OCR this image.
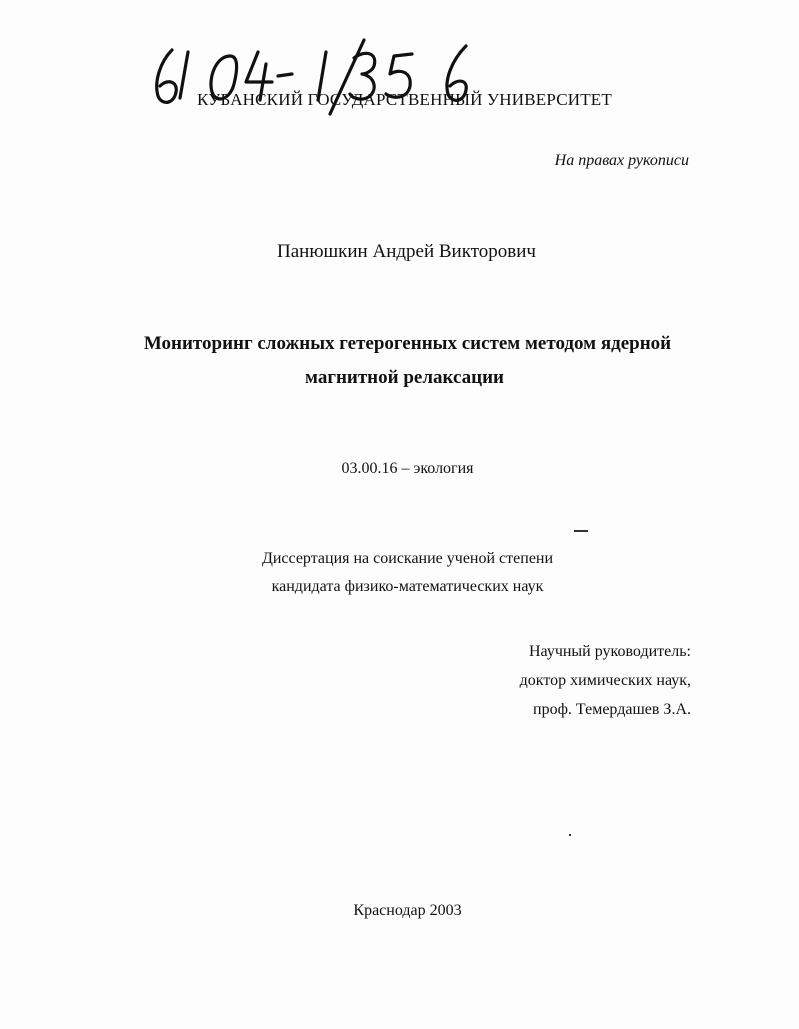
КУБАНСКИЙ ГОСУДАРСТВЕННЫЙ УНИВЕРСИТЕТ
На правах рукописи
Панюшкин Андрей Викторович
Мониторинг сложных гетерогенных систем методом ядерной
магнитной релаксации
03.00.16 – экология
Диссертация на соискание ученой степени
кандидата физико-математических наук
Научный руководитель:
доктор химических наук,
проф. Темердашев З.А.
Краснодар 2003
